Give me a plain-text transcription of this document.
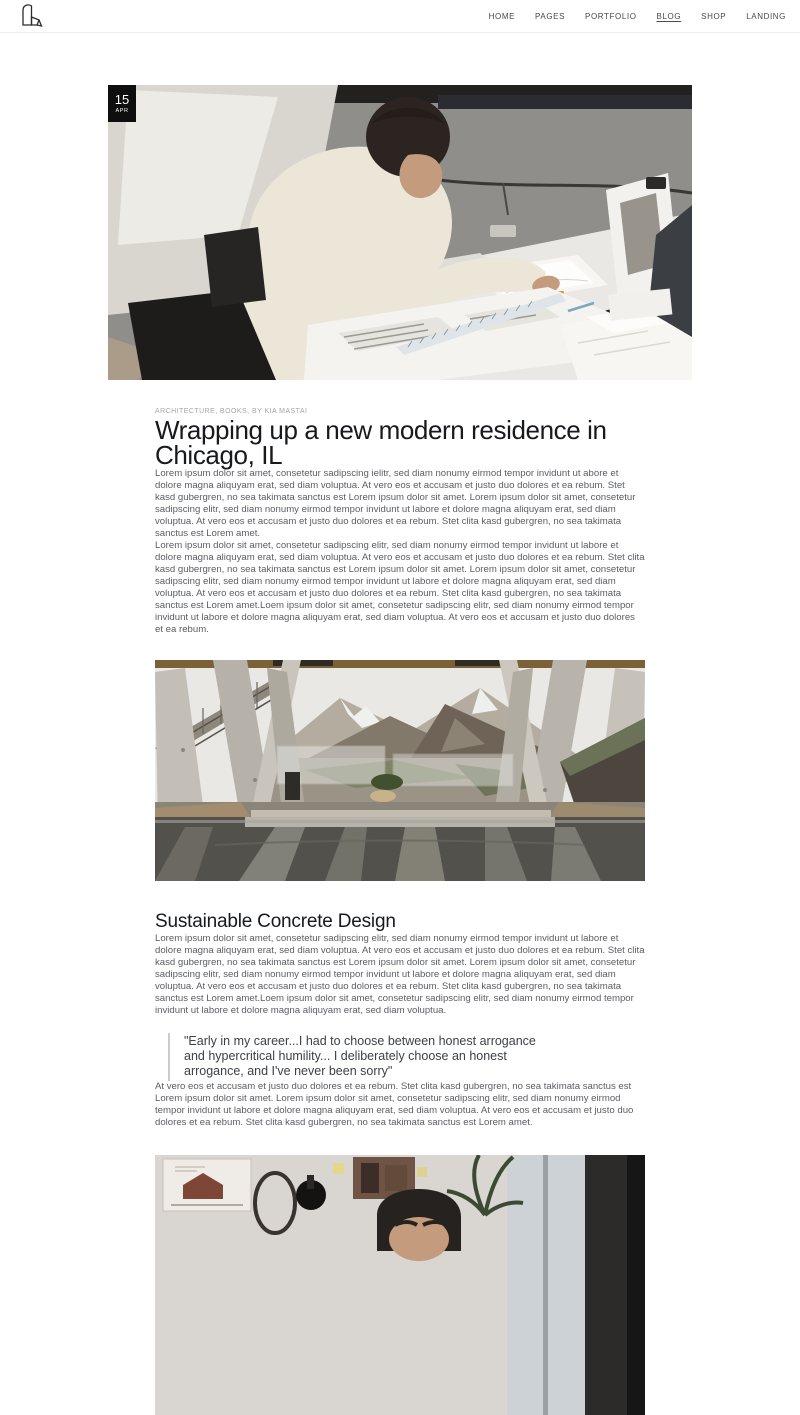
HOME	PAGES	PORTFOLIO	BLOG	SHOP	LANDING
15
APR
ARCHITECTURE, BOOKS, BY KIA MASTAI
Wrapping up a new modern residence in Chicago, IL

Lorem ipsum dolor sit amet, consetetur sadipscing ielitr, sed diam nonumy eirmod tempor invidunt ut abore et dolore magna aliquyam erat, sed diam voluptua. At vero eos et accusam et justo duo dolores et ea rebum. Stet kasd gubergren, no sea takimata sanctus est Lorem ipsum dolor sit amet. Lorem ipsum dolor sit amet, consetetur sadipscing elitr, sed diam nonumy eirmod tempor invidunt ut labore et dolore magna aliquyam erat, sed diam voluptua. At vero eos et accusam et justo duo dolores et ea rebum. Stet clita kasd gubergren, no sea takimata sanctus est Lorem amet.

Lorem ipsum dolor sit amet, consetetur sadipscing elitr, sed diam nonumy eirmod tempor invidunt ut labore et dolore magna aliquyam erat, sed diam voluptua. At vero eos et accusam et justo duo dolores et ea rebum. Stet clita kasd gubergren, no sea takimata sanctus est Lorem ipsum dolor sit amet. Lorem ipsum dolor sit amet, consetetur sadipscing elitr, sed diam nonumy eirmod tempor invidunt ut labore et dolore magna aliquyam erat, sed diam voluptua. At vero eos et accusam et justo duo dolores et ea rebum. Stet clita kasd gubergren, no sea takimata sanctus est Lorem amet.Loem ipsum dolor sit amet, consetetur sadipscing elitr, sed diam nonumy eirmod tempor invidunt ut labore et dolore magna aliquyam erat, sed diam voluptua. At vero eos et accusam et justo duo dolores et ea rebum.

Sustainable Concrete Design

Lorem ipsum dolor sit amet, consetetur sadipscing elitr, sed diam nonumy eirmod tempor invidunt ut labore et dolore magna aliquyam erat, sed diam voluptua. At vero eos et accusam et justo duo dolores et ea rebum. Stet clita kasd gubergren, no sea takimata sanctus est Lorem ipsum dolor sit amet. Lorem ipsum dolor sit amet, consetetur sadipscing elitr, sed diam nonumy eirmod tempor invidunt ut labore et dolore magna aliquyam erat, sed diam voluptua. At vero eos et accusam et justo duo dolores et ea rebum. Stet clita kasd gubergren, no sea takimata sanctus est Lorem amet.Loem ipsum dolor sit amet, consetetur sadipscing elitr, sed diam nonumy eirmod tempor invidunt ut labore et dolore magna aliquyam erat, sed diam voluptua.

"Early in my career...I had to choose between honest arrogance and hypercritical humility... I deliberately choose an honest arrogance, and I've never been sorry"

At vero eos et accusam et justo duo dolores et ea rebum. Stet clita kasd gubergren, no sea takimata sanctus est Lorem ipsum dolor sit amet. Lorem ipsum dolor sit amet, consetetur sadipscing elitr, sed diam nonumy eirmod tempor invidunt ut labore et dolore magna aliquyam erat, sed diam voluptua. At vero eos et accusam et justo duo dolores et ea rebum. Stet clita kasd gubergren, no sea takimata sanctus est Lorem amet.
